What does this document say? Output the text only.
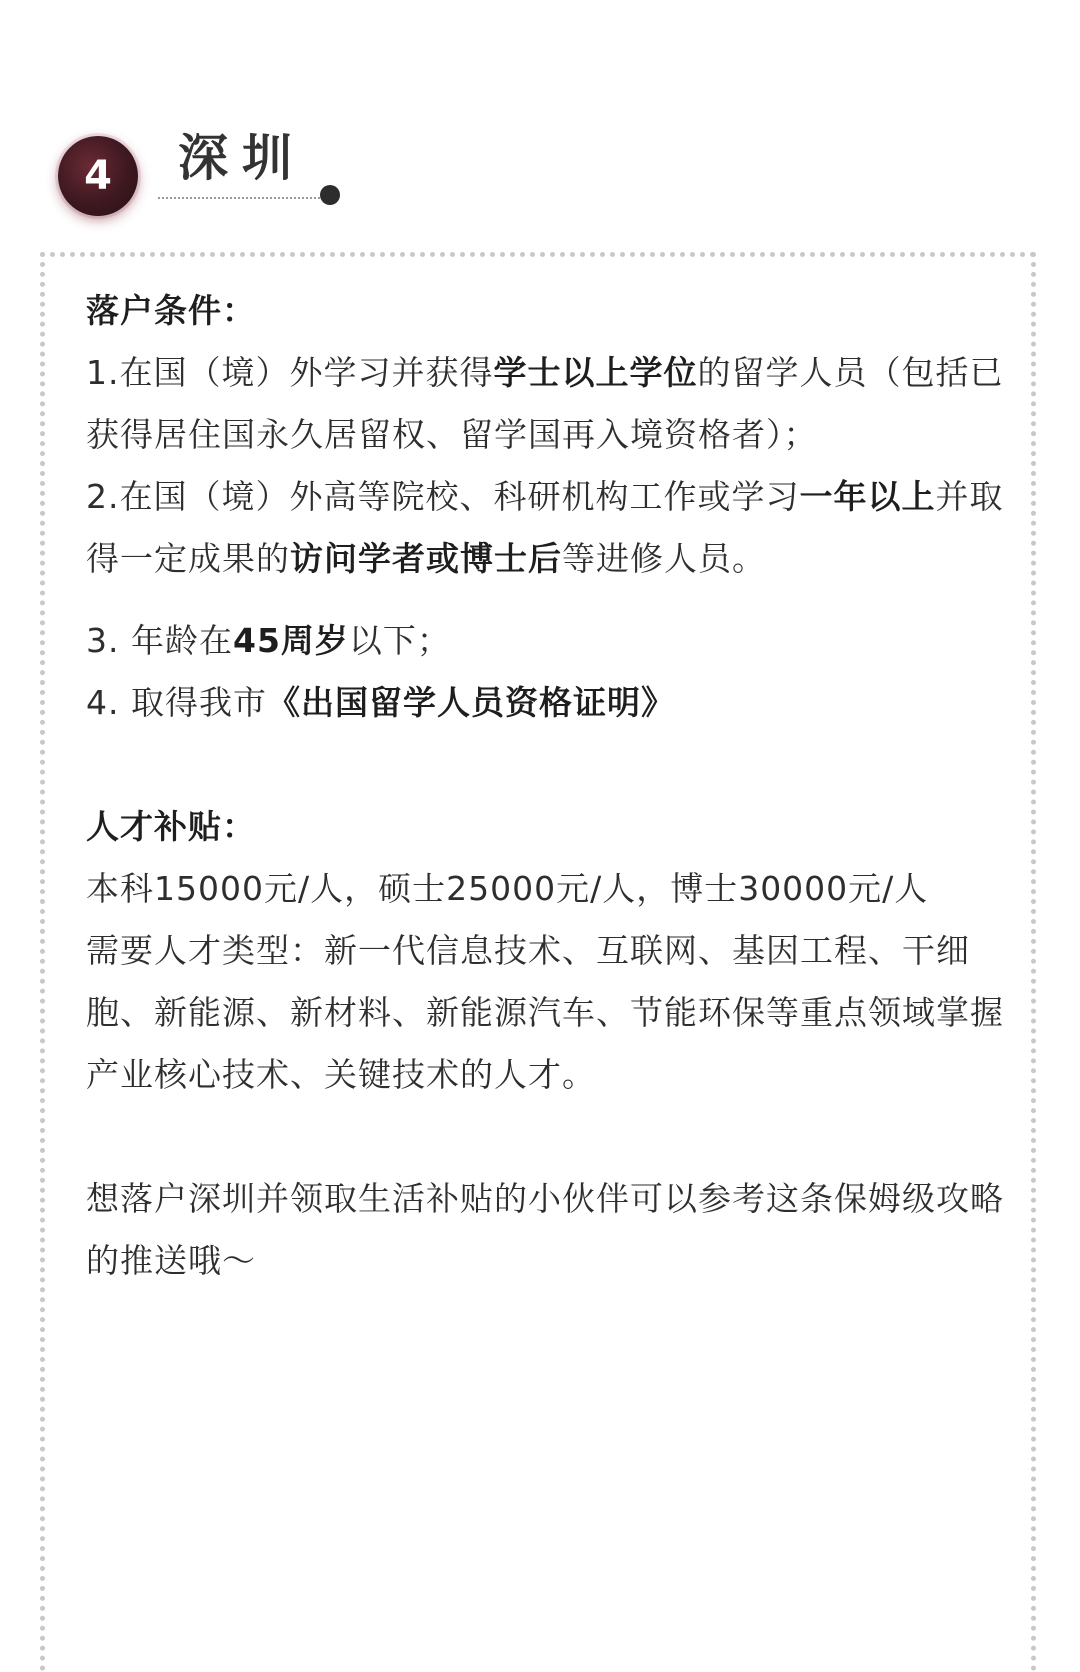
4	深圳

落户条件：

1.在国（境）外学习并获得学士以上学位的留学人员（包括已获得居住国永久居留权、留学国再入境资格者）；

2.在国（境）外高等院校、科研机构工作或学习一年以上并取得一定成果的访问学者或博士后等进修人员。

3. 年龄在45周岁以下；

4. 取得我市《出国留学人员资格证明》

人才补贴：

本科15000元/人，硕士25000元/人，博士30000元/人

需要人才类型：新一代信息技术、互联网、基因工程、干细胞、新能源、新材料、新能源汽车、节能环保等重点领域掌握产业核心技术、关键技术的人才。

想落户深圳并领取生活补贴的小伙伴可以参考这条保姆级攻略的推送哦～
